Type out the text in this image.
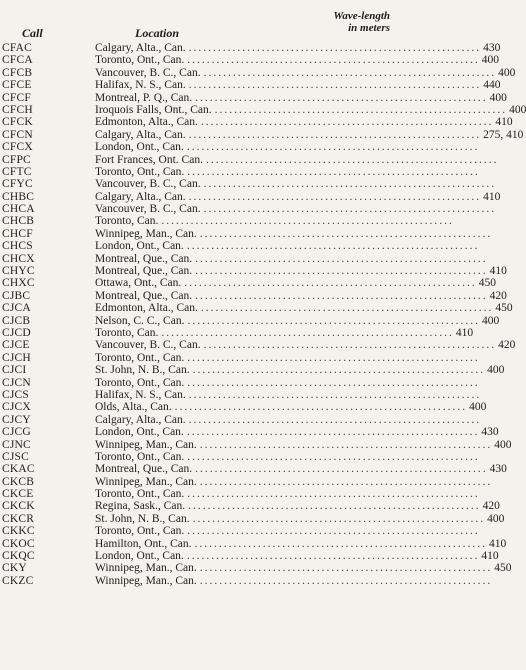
Call	Location
Wave-length
in meters
CFAC	Calgary, Alta., Can. ............................................................ 430
CFCA	Toronto, Ont., Can. ............................................................ 400
CFCB	Vancouver, B. C., Can. ............................................................ 400
CFCE	Halifax, N. S., Can. ............................................................ 440
CFCF	Montreal, P. Q., Can. ............................................................ 400
CFCH	Iroquois Falls, Ont., Can. ............................................................ 400
CFCK	Edmonton, Alta., Can. ............................................................ 410
CFCN	Calgary, Alta., Can. ............................................................ 275, 410
CFCX	London, Ont., Can. ............................................................
CFPC	Fort Frances, Ont. Can. ............................................................
CFTC	Toronto, Ont., Can. ............................................................
CFYC	Vancouver, B. C., Can. ............................................................
CHBC	Calgary, Alta., Can. ............................................................ 410
CHCA	Vancouver, B. C., Can. ............................................................
CHCB	Toronto, Can. ............................................................
CHCF	Winnipeg, Man., Can. ............................................................
CHCS	London, Ont., Can. ............................................................
CHCX	Montreal, Que., Can. ............................................................
CHYC	Montreal, Que., Can. ............................................................ 410
CHXC	Ottawa, Ont., Can. ............................................................ 450
CJBC	Montreal, Que., Can. ............................................................ 420
CJCA	Edmonton, Alta., Can. ............................................................ 450
CJCB	Nelson, C. C., Can. ............................................................ 400
CJCD	Toronto, Can. ............................................................ 410
CJCE	Vancouver, B. C., Can. ............................................................ 420
CJCH	Toronto, Ont., Can. ............................................................
CJCI	St. John, N. B., Can. ............................................................ 400
CJCN	Toronto, Ont., Can. ............................................................
CJCS	Halifax, N. S., Can. ............................................................
CJCX	Olds, Alta., Can. ............................................................ 400
CJCY	Calgary, Alta., Can. ............................................................
CJCG	London, Ont., Can. ............................................................ 430
CJNC	Winnipeg, Man., Can. ............................................................ 400
CJSC	Toronto, Ont., Can. ............................................................
CKAC	Montreal, Que., Can. ............................................................ 430
CKCB	Winnipeg, Man., Can. ............................................................
CKCE	Toronto, Ont., Can. ............................................................
CKCK	Regina, Sask., Can. ............................................................ 420
CKCR	St. John, N. B., Can. ............................................................ 400
CKKC	Toronto, Ont., Can. ............................................................
CKOC	Hamilton, Ont., Can. ............................................................ 410
CKQC	London, Ont., Can. ............................................................ 410
CKY	Winnipeg, Man., Can. ............................................................ 450
CKZC	Winnipeg, Man., Can. ............................................................
